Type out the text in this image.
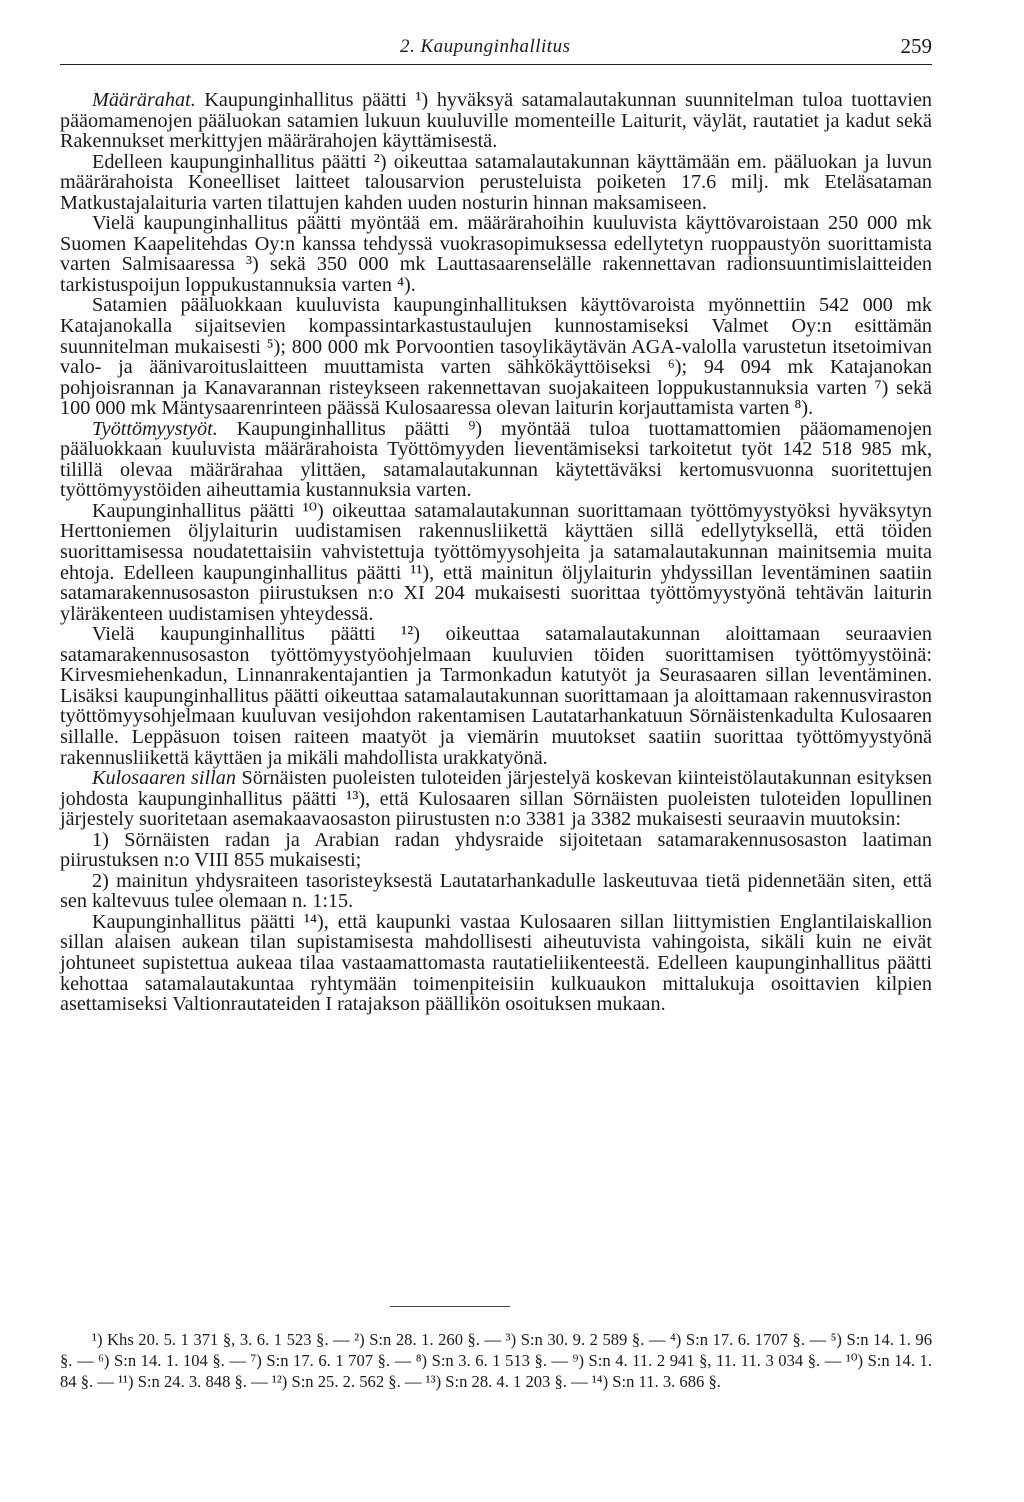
2. Kaupunginhallitus	259

Määrärahat. Kaupunginhallitus päätti ¹) hyväksyä satamalautakunnan suunnitelman tuloa tuottavien pääomamenojen pääluokan satamien lukuun kuuluville momenteille Laiturit, väylät, rautatiet ja kadut sekä Rakennukset merkittyjen määrärahojen käyttämisestä.

Edelleen kaupunginhallitus päätti ²) oikeuttaa satamalautakunnan käyttämään em. pääluokan ja luvun määrärahoista Koneelliset laitteet talousarvion perusteluista poiketen 17.6 milj. mk Eteläsataman Matkustajalaituria varten tilattujen kahden uuden nosturin hinnan maksamiseen.

Vielä kaupunginhallitus päätti myöntää em. määrärahoihin kuuluvista käyttövaroistaan 250 000 mk Suomen Kaapelitehdas Oy:n kanssa tehdyssä vuokrasopimuksessa edellytetyn ruoppaustyön suorittamista varten Salmisaaressa ³) sekä 350 000 mk Lauttasaarenselälle rakennettavan radionsuuntimislaitteiden tarkistuspoijun loppukustannuksia varten ⁴).

Satamien pääluokkaan kuuluvista kaupunginhallituksen käyttövaroista myönnettiin 542 000 mk Katajanokalla sijaitsevien kompassintarkastustaulujen kunnostamiseksi Valmet Oy:n esittämän suunnitelman mukaisesti ⁵); 800 000 mk Porvoontien tasoylikäytävän AGA-valolla varustetun itsetoimivan valo- ja äänivaroituslaitteen muuttamista varten sähkökäyttöiseksi ⁶); 94 094 mk Katajanokan pohjoisrannan ja Kanavarannan risteykseen rakennettavan suojakaiteen loppukustannuksia varten ⁷) sekä 100 000 mk Mäntysaarenrinteen päässä Kulosaaressa olevan laiturin korjauttamista varten ⁸).

Työttömyystyöt. Kaupunginhallitus päätti ⁹) myöntää tuloa tuottamattomien pääomamenojen pääluokkaan kuuluvista määrärahoista Työttömyyden lieventämiseksi tarkoitetut työt 142 518 985 mk, tilillä olevaa määrärahaa ylittäen, satamalautakunnan käytettäväksi kertomusvuonna suoritettujen työttömyystöiden aiheuttamia kustannuksia varten.

Kaupunginhallitus päätti ¹⁰) oikeuttaa satamalautakunnan suorittamaan työttömyystyöksi hyväksytyn Herttoniemen öljylaiturin uudistamisen rakennusliikettä käyttäen sillä edellytyksellä, että töiden suorittamisessa noudatettaisiin vahvistettuja työttömyysohjeita ja satamalautakunnan mainitsemia muita ehtoja. Edelleen kaupunginhallitus päätti ¹¹), että mainitun öljylaiturin yhdyssillan leventäminen saatiin satamarakennusosaston piirustuksen n:o XI 204 mukaisesti suorittaa työttömyystyönä tehtävän laiturin yläräkenteen uudistamisen yhteydessä.

Vielä kaupunginhallitus päätti ¹²) oikeuttaa satamalautakunnan aloittamaan seuraavien satamarakennusosaston työttömyystyöohjelmaan kuuluvien töiden suorittamisen työttömyystöinä: Kirvesmiehenkadun, Linnanrakentajantien ja Tarmonkadun katutyöt ja Seurasaaren sillan leventäminen. Lisäksi kaupunginhallitus päätti oikeuttaa satamalautakunnan suorittamaan ja aloittamaan rakennusviraston työttömyysohjelmaan kuuluvan vesijohdon rakentamisen Lautatarhankatuun Sörnäistenkadulta Kulosaaren sillalle. Leppäsuon toisen raiteen maatyöt ja viemärin muutokset saatiin suorittaa työttömyystyönä rakennusliikettä käyttäen ja mikäli mahdollista urakkatyönä.

Kulosaaren sillan Sörnäisten puoleisten tuloteiden järjestelyä koskevan kiinteistölautakunnan esityksen johdosta kaupunginhallitus päätti ¹³), että Kulosaaren sillan Sörnäisten puoleisten tuloteiden lopullinen järjestely suoritetaan asemakaavaosaston piirustusten n:o 3381 ja 3382 mukaisesti seuraavin muutoksin:

1) Sörnäisten radan ja Arabian radan yhdysraide sijoitetaan satamarakennusosaston laatiman piirustuksen n:o VIII 855 mukaisesti;

2) mainitun yhdysraiteen tasoristeyksestä Lautatarhankadulle laskeutuvaa tietä pidennetään siten, että sen kaltevuus tulee olemaan n. 1:15.

Kaupunginhallitus päätti ¹⁴), että kaupunki vastaa Kulosaaren sillan liittymistien Englantilaiskallion sillan alaisen aukean tilan supistamisesta mahdollisesti aiheutuvista vahingoista, sikäli kuin ne eivät johtuneet supistettua aukeaa tilaa vastaamattomasta rautatieliikenteestä. Edelleen kaupunginhallitus päätti kehottaa satamalautakuntaa ryhtymään toimenpiteisiin kulkuaukon mittalukuja osoittavien kilpien asettamiseksi Valtionrautateiden I ratajakson päällikön osoituksen mukaan.

¹) Khs 20. 5. 1 371 §, 3. 6. 1 523 §. — ²) S:n 28. 1. 260 §. — ³) S:n 30. 9. 2 589 §. — ⁴) S:n 17. 6. 1707 §. — ⁵) S:n 14. 1. 96 §. — ⁶) S:n 14. 1. 104 §. — ⁷) S:n 17. 6. 1 707 §. — ⁸) S:n 3. 6. 1 513 §. — ⁹) S:n 4. 11. 2 941 §, 11. 11. 3 034 §. — ¹⁰) S:n 14. 1. 84 §. — ¹¹) S:n 24. 3. 848 §. — ¹²) S:n 25. 2. 562 §. — ¹³) S:n 28. 4. 1 203 §. — ¹⁴) S:n 11. 3. 686 §.
